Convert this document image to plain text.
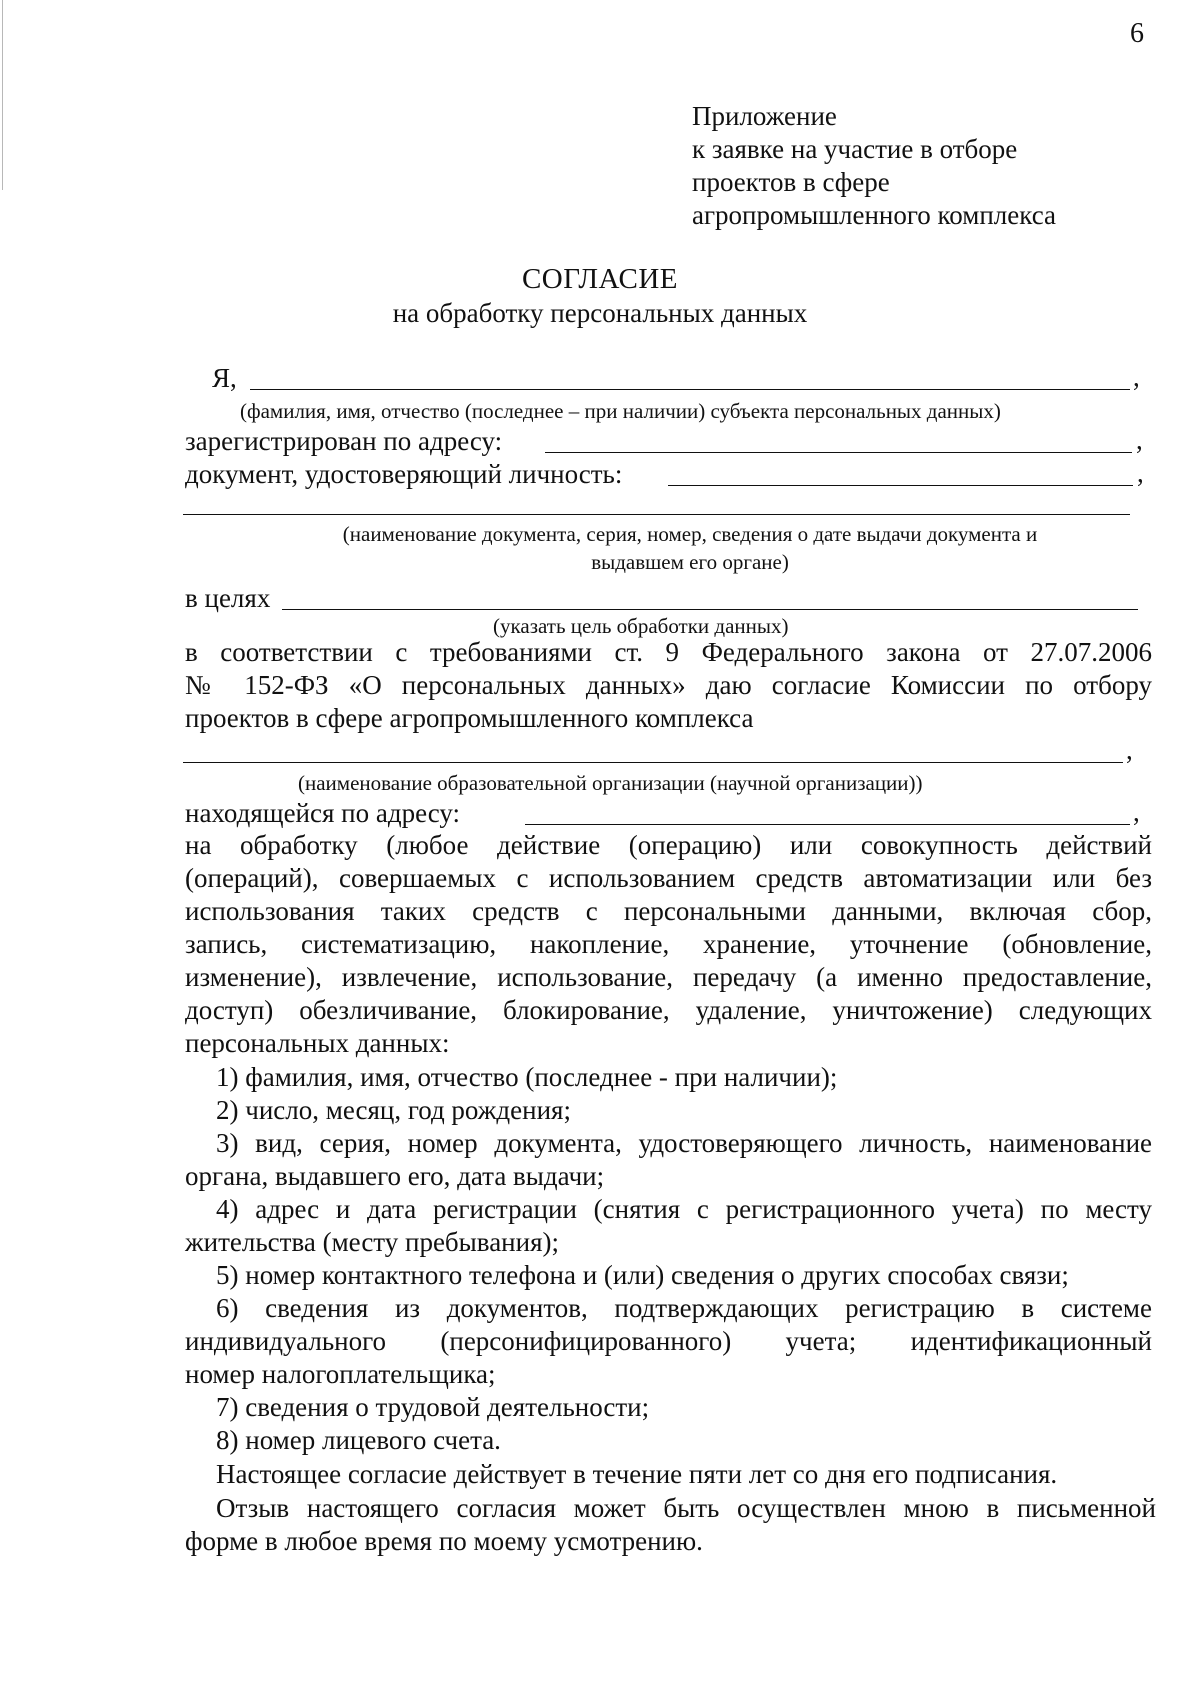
6
Приложение
к заявке на участие в отборе
проектов в сфере
агропромышленного комплекса
СОГЛАСИЕ
на обработку персональных данных
Я,	,
(фамилия, имя, отчество (последнее – при наличии) субъекта персональных данных)
зарегистрирован по адресу:	,
документ, удостоверяющий личность:	,
(наименование документа, серия, номер, сведения о дате выдачи документа и
выдавшем его органе)
в целях
(указать цель обработки данных)
в соответствии с требованиями ст. 9 Федерального закона от 27.07.2006
№ 152-ФЗ «О персональных данных» даю согласие Комиссии по отбору
проектов в сфере агропромышленного комплекса
,
(наименование образовательной организации (научной организации))
находящейся по адресу:	,
на обработку (любое действие (операцию) или совокупность действий
(операций), совершаемых с использованием средств автоматизации или без
использования таких средств с персональными данными, включая сбор,
запись, систематизацию, накопление, хранение, уточнение (обновление,
изменение), извлечение, использование, передачу (а именно предоставление,
доступ) обезличивание, блокирование, удаление, уничтожение) следующих
персональных данных:
1) фамилия, имя, отчество (последнее - при наличии);
2) число, месяц, год рождения;
3) вид, серия, номер документа, удостоверяющего личность, наименование
органа, выдавшего его, дата выдачи;
4) адрес и дата регистрации (снятия с регистрационного учета) по месту
жительства (месту пребывания);
5) номер контактного телефона и (или) сведения о других способах связи;
6) сведения из документов, подтверждающих регистрацию в системе
индивидуального (персонифицированного) учета; идентификационный
номер налогоплательщика;
7) сведения о трудовой деятельности;
8) номер лицевого счета.
Настоящее согласие действует в течение пяти лет со дня его подписания.
Отзыв настоящего согласия может быть осуществлен мною в письменной
форме в любое время по моему усмотрению.
